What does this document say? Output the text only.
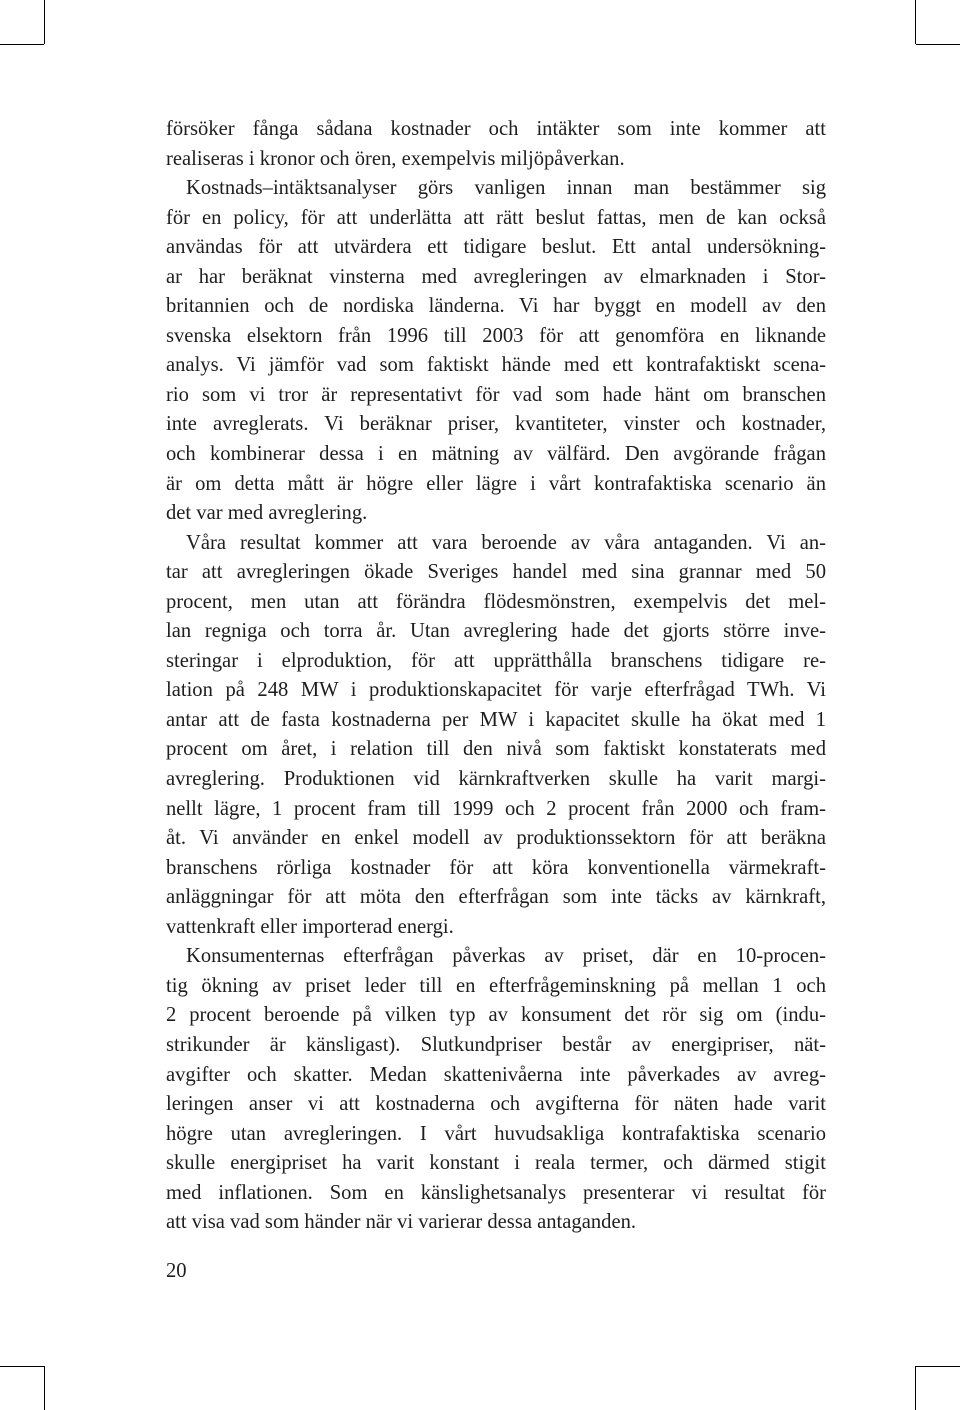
försöker fånga sådana kostnader och intäkter som inte kommer att
realiseras i kronor och ören, exempelvis miljöpåverkan.
Kostnads–intäktsanalyser görs vanligen innan man bestämmer sig
för en policy, för att underlätta att rätt beslut fattas, men de kan också
användas för att utvärdera ett tidigare beslut. Ett antal undersökning-
ar har beräknat vinsterna med avregleringen av elmarknaden i Stor-
britannien och de nordiska länderna. Vi har byggt en modell av den
svenska elsektorn från 1996 till 2003 för att genomföra en liknande
analys. Vi jämför vad som faktiskt hände med ett kontrafaktiskt scena-
rio som vi tror är representativt för vad som hade hänt om branschen
inte avreglerats. Vi beräknar priser, kvantiteter, vinster och kostnader,
och kombinerar dessa i en mätning av välfärd. Den avgörande frågan
är om detta mått är högre eller lägre i vårt kontrafaktiska scenario än
det var med avreglering.
Våra resultat kommer att vara beroende av våra antaganden. Vi an-
tar att avregleringen ökade Sveriges handel med sina grannar med 50
procent, men utan att förändra flödesmönstren, exempelvis det mel-
lan regniga och torra år. Utan avreglering hade det gjorts större inve-
steringar i elproduktion, för att upprätthålla branschens tidigare re-
lation på 248 MW i produktionskapacitet för varje efterfrågad TWh. Vi
antar att de fasta kostnaderna per MW i kapacitet skulle ha ökat med 1
procent om året, i relation till den nivå som faktiskt konstaterats med
avreglering. Produktionen vid kärnkraftverken skulle ha varit margi-
nellt lägre, 1 procent fram till 1999 och 2 procent från 2000 och fram-
åt. Vi använder en enkel modell av produktionssektorn för att beräkna
branschens rörliga kostnader för att köra konventionella värmekraft-
anläggningar för att möta den efterfrågan som inte täcks av kärnkraft,
vattenkraft eller importerad energi.
Konsumenternas efterfrågan påverkas av priset, där en 10-procen-
tig ökning av priset leder till en efterfrågeminskning på mellan 1 och
2 procent beroende på vilken typ av konsument det rör sig om (indu-
strikunder är känsligast). Slutkundpriser består av energipriser, nät-
avgifter och skatter. Medan skattenivåerna inte påverkades av avreg-
leringen anser vi att kostnaderna och avgifterna för näten hade varit
högre utan avregleringen. I vårt huvudsakliga kontrafaktiska scenario
skulle energipriset ha varit konstant i reala termer, och därmed stigit
med inflationen. Som en känslighetsanalys presenterar vi resultat för
att visa vad som händer när vi varierar dessa antaganden.
20
